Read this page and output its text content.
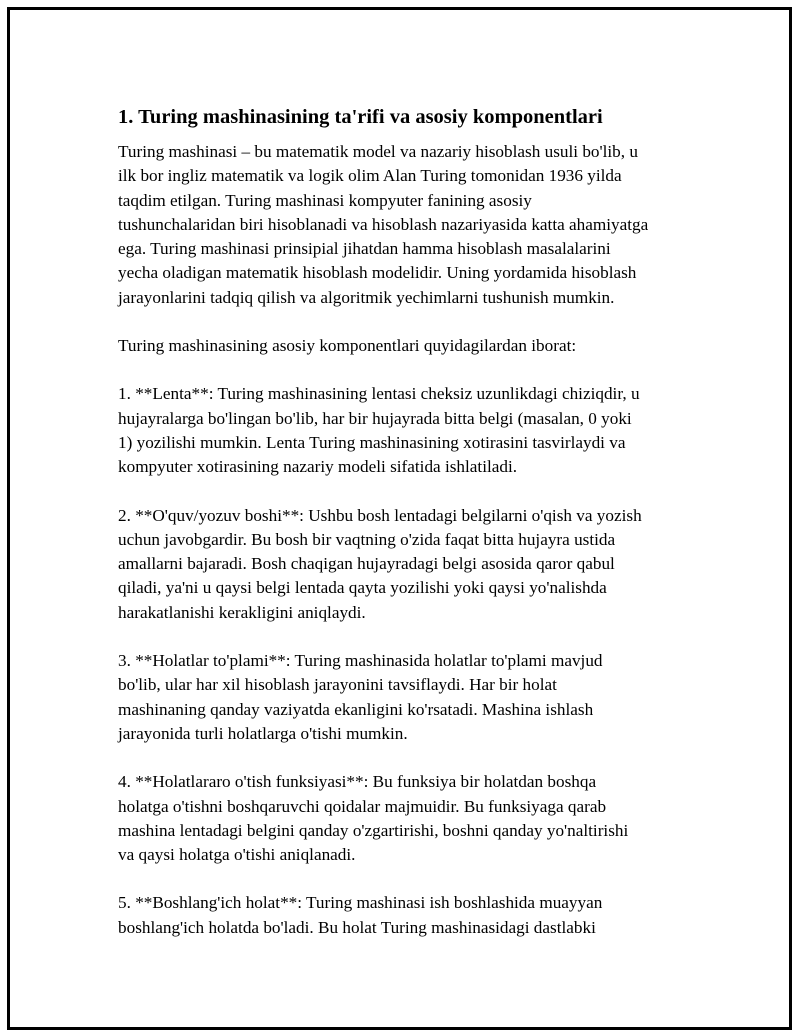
1. Turing mashinasining ta'rifi va asosiy komponentlari

Turing mashinasi – bu matematik model va nazariy hisoblash usuli bo'lib, u
ilk bor ingliz matematik va logik olim Alan Turing tomonidan 1936 yilda
taqdim etilgan. Turing mashinasi kompyuter fanining asosiy
tushunchalaridan biri hisoblanadi va hisoblash nazariyasida katta ahamiyatga
ega. Turing mashinasi prinsipial jihatdan hamma hisoblash masalalarini
yecha oladigan matematik hisoblash modelidir. Uning yordamida hisoblash
jarayonlarini tadqiq qilish va algoritmik yechimlarni tushunish mumkin.

Turing mashinasining asosiy komponentlari quyidagilardan iborat:

1. **Lenta**: Turing mashinasining lentasi cheksiz uzunlikdagi chiziqdir, u
hujayralarga bo'lingan bo'lib, har bir hujayrada bitta belgi (masalan, 0 yoki
1) yozilishi mumkin. Lenta Turing mashinasining xotirasini tasvirlaydi va
kompyuter xotirasining nazariy modeli sifatida ishlatiladi.

2. **O'quv/yozuv boshi**: Ushbu bosh lentadagi belgilarni o'qish va yozish
uchun javobgardir. Bu bosh bir vaqtning o'zida faqat bitta hujayra ustida
amallarni bajaradi. Bosh chaqigan hujayradagi belgi asosida qaror qabul
qiladi, ya'ni u qaysi belgi lentada qayta yozilishi yoki qaysi yo'nalishda
harakatlanishi kerakligini aniqlaydi.

3. **Holatlar to'plami**: Turing mashinasida holatlar to'plami mavjud
bo'lib, ular har xil hisoblash jarayonini tavsiflaydi. Har bir holat
mashinaning qanday vaziyatda ekanligini ko'rsatadi. Mashina ishlash
jarayonida turli holatlarga o'tishi mumkin.

4. **Holatlararo o'tish funksiyasi**: Bu funksiya bir holatdan boshqa
holatga o'tishni boshqaruvchi qoidalar majmuidir. Bu funksiyaga qarab
mashina lentadagi belgini qanday o'zgartirishi, boshni qanday yo'naltirishi
va qaysi holatga o'tishi aniqlanadi.

5. **Boshlang'ich holat**: Turing mashinasi ish boshlashida muayyan
boshlang'ich holatda bo'ladi. Bu holat Turing mashinasidagi dastlabki
